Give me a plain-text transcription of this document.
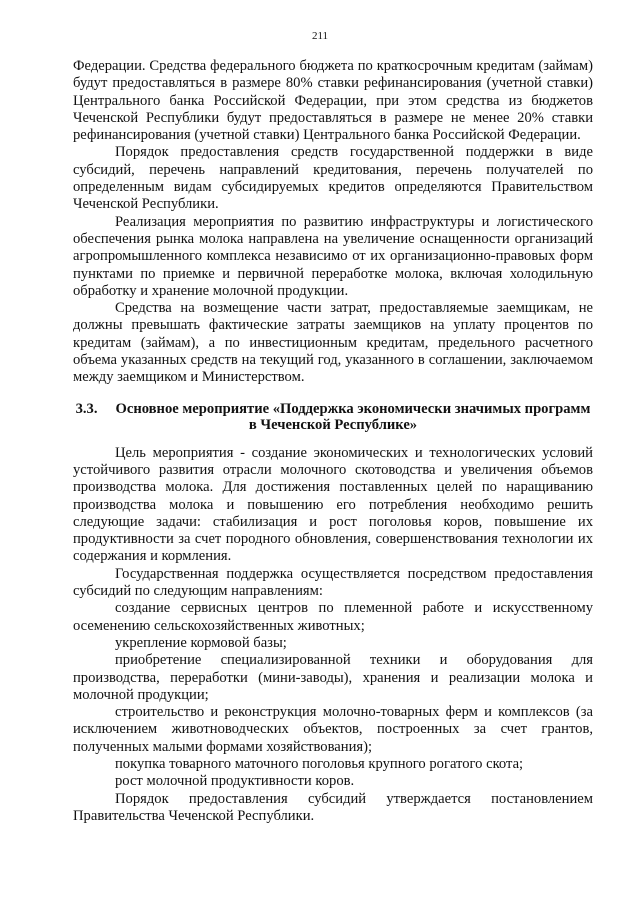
211

Федерации. Средства федерального бюджета по краткосрочным кредитам (займам) будут предоставляться в размере 80% ставки рефинансирования (учетной ставки) Центрального банка Российской Федерации, при этом средства из бюджетов Чеченской Республики будут предоставляться в размере не менее 20% ставки рефинансирования (учетной ставки) Центрального банка Российской Федерации.

Порядок предоставления средств государственной поддержки в виде субсидий, перечень направлений кредитования, перечень получателей по определенным видам субсидируемых кредитов определяются Правительством Чеченской Республики.

Реализация мероприятия по развитию инфраструктуры и логистического обеспечения рынка молока направлена на увеличение оснащенности организаций агропромышленного комплекса независимо от их организационно-правовых форм пунктами по приемке и первичной переработке молока, включая холодильную обработку и хранение молочной продукции.

Средства на возмещение части затрат, предоставляемые заемщикам, не должны превышать фактические затраты заемщиков на уплату процентов по кредитам (займам), а по инвестиционным кредитам, предельного расчетного объема указанных средств на текущий год, указанного в соглашении, заключаемом между заемщиком и Министерством.

3.3. Основное мероприятие «Поддержка экономически значимых программ в Чеченской Республике»

Цель мероприятия - создание экономических и технологических условий устойчивого развития отрасли молочного скотоводства и увеличения объемов производства молока. Для достижения поставленных целей по наращиванию производства молока и повышению его потребления необходимо решить следующие задачи: стабилизация и рост поголовья коров, повышение их продуктивности за счет породного обновления, совершенствования технологии их содержания и кормления.

Государственная поддержка осуществляется посредством предоставления субсидий по следующим направлениям:

создание сервисных центров по племенной работе и искусственному осеменению сельскохозяйственных животных;

укрепление кормовой базы;

приобретение специализированной техники и оборудования для производства, переработки (мини-заводы), хранения и реализации молока и молочной продукции;

строительство и реконструкция молочно-товарных ферм и комплексов (за исключением животноводческих объектов, построенных за счет грантов, полученных малыми формами хозяйствования);

покупка товарного маточного поголовья крупного рогатого скота;

рост молочной продуктивности коров.

Порядок предоставления субсидий утверждается постановлением Правительства Чеченской Республики.
